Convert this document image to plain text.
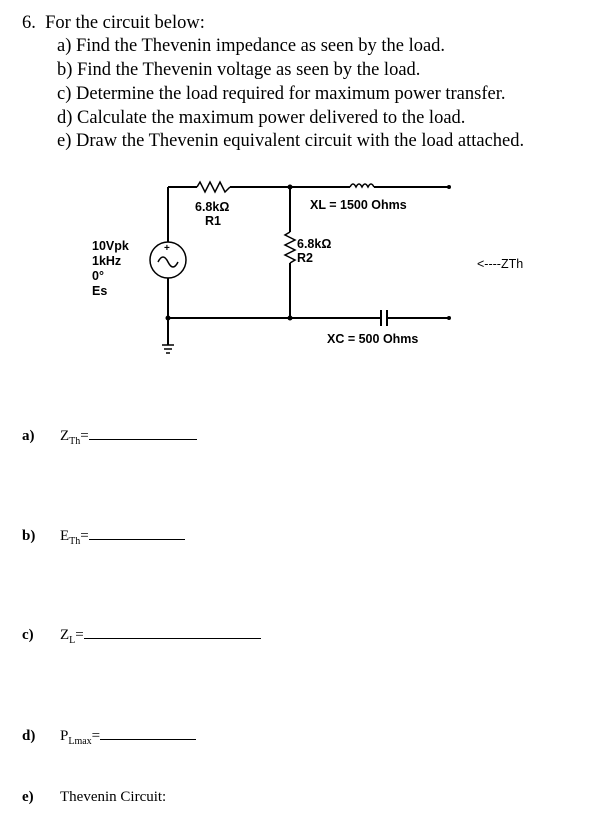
6. For the circuit below:
a) Find the Thevenin impedance as seen by the load.
b) Find the Thevenin voltage as seen by the load.
c) Determine the load required for maximum power transfer.
d) Calculate the maximum power delivered to the load.
e) Draw the Thevenin equivalent circuit with the load attached.
+
6.8kΩ
R1
XL = 1500 Ohms
6.8kΩ
R2
10Vpk
1kHz
0°
Es
XC = 500 Ohms
<----ZTh
a) $Z_{Th}=$
b) $E_{Th}=$
c) $Z_L=$
d) $P_{Lmax}=$
e) Thevenin Circuit:
